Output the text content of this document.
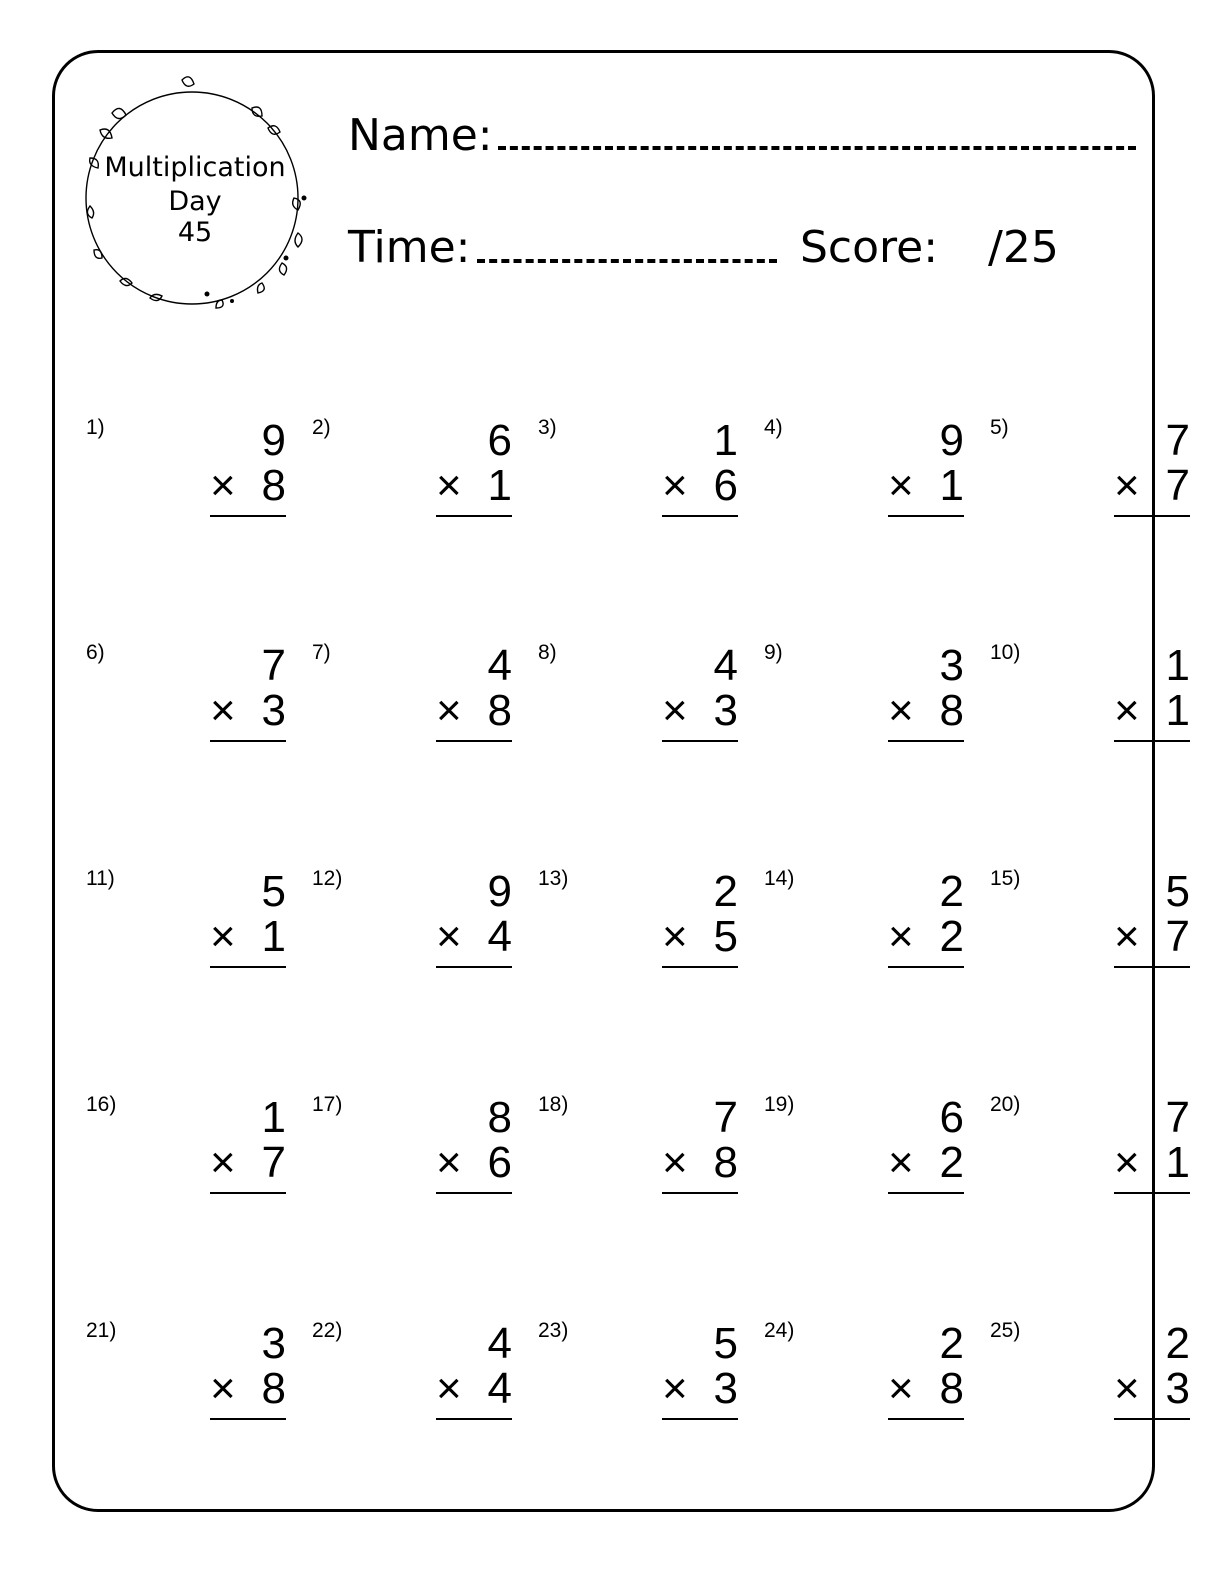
Multiplication
Day
45
Name:
Time:	Score: /25
1)	9
× 8
2)	6
× 1
3)	1
× 6
4)	9
× 1
5)	7
× 7
6)	7
× 3
7)	4
× 8
8)	4
× 3
9)	3
× 8
10)	1
× 1
11)	5
× 1
12)	9
× 4
13)	2
× 5
14)	2
× 2
15)	5
× 7
16)	1
× 7
17)	8
× 6
18)	7
× 8
19)	6
× 2
20)	7
× 1
21)	3
× 8
22)	4
× 4
23)	5
× 3
24)	2
× 8
25)	2
× 3
